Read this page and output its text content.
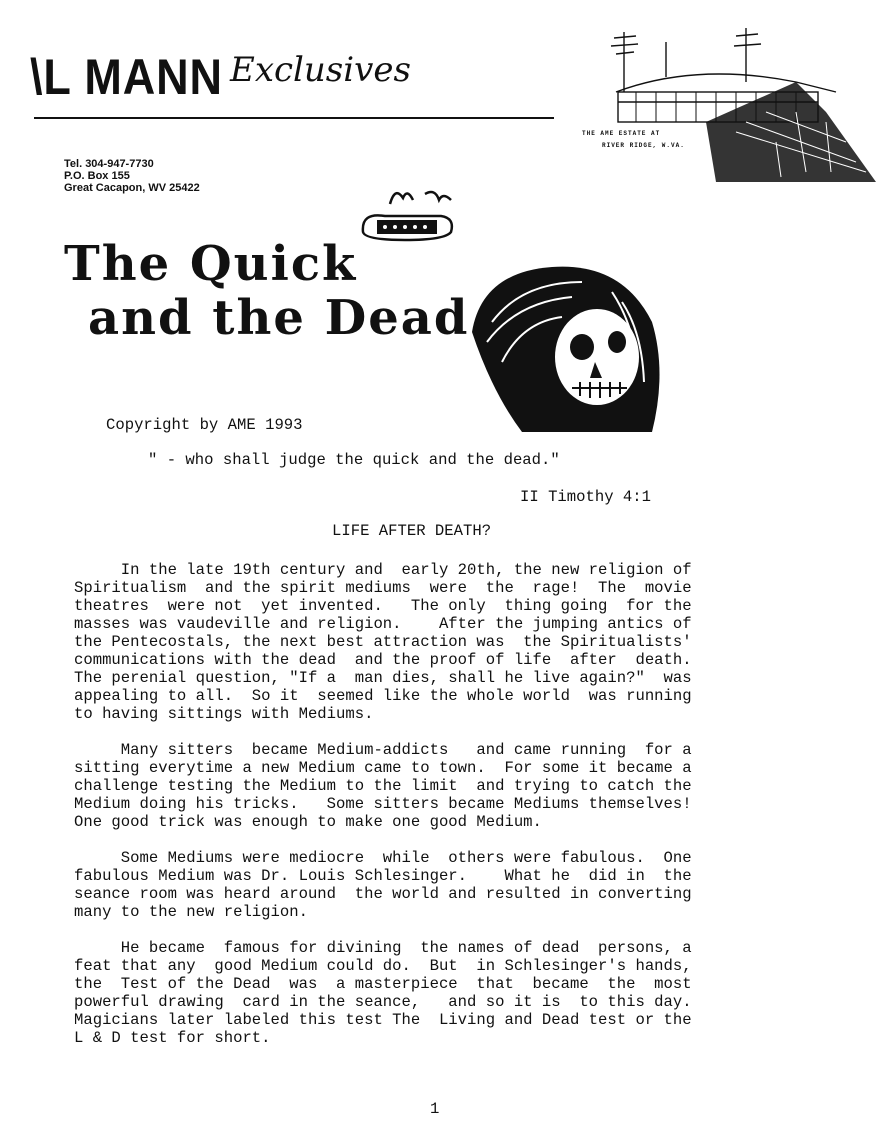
\L MANN Exclusives
Tel. 304-947-7730
P.O. Box 155
Great Cacapon, WV 25422
THE AME ESTATE AT
RIVER RIDGE, W.VA.
The Quick
and the Dead
Copyright by AME 1993
" - who shall judge the quick and the dead."
II Timothy 4:1
LIFE AFTER DEATH?
In the late 19th century and  early 20th, the new religion of
Spiritualism  and the spirit mediums  were  the  rage!  The  movie
theatres  were not  yet invented.   The only  thing going  for the
masses was vaudeville and religion.    After the jumping antics of
the Pentecostals, the next best attraction was  the Spiritualists'
communications with the dead  and the proof of life  after  death.
The perenial question, "If a  man dies, shall he live again?"  was
appealing to all.  So it  seemed like the whole world  was running
to having sittings with Mediums.

Many sitters  became Medium-addicts   and came running  for a
sitting everytime a new Medium came to town.  For some it became a
challenge testing the Medium to the limit  and trying to catch the
Medium doing his tricks.   Some sitters became Mediums themselves!
One good trick was enough to make one good Medium.

Some Mediums were mediocre  while  others were fabulous.  One
fabulous Medium was Dr. Louis Schlesinger.    What he  did in  the
seance room was heard around  the world and resulted in converting
many to the new religion.

He became  famous for divining  the names of dead  persons, a
feat that any  good Medium could do.  But  in Schlesinger's hands,
the  Test of the Dead  was  a masterpiece  that  became  the  most
powerful drawing  card in the seance,   and so it is  to this day.
Magicians later labeled this test The  Living and Dead test or the
L & D test for short.
1
